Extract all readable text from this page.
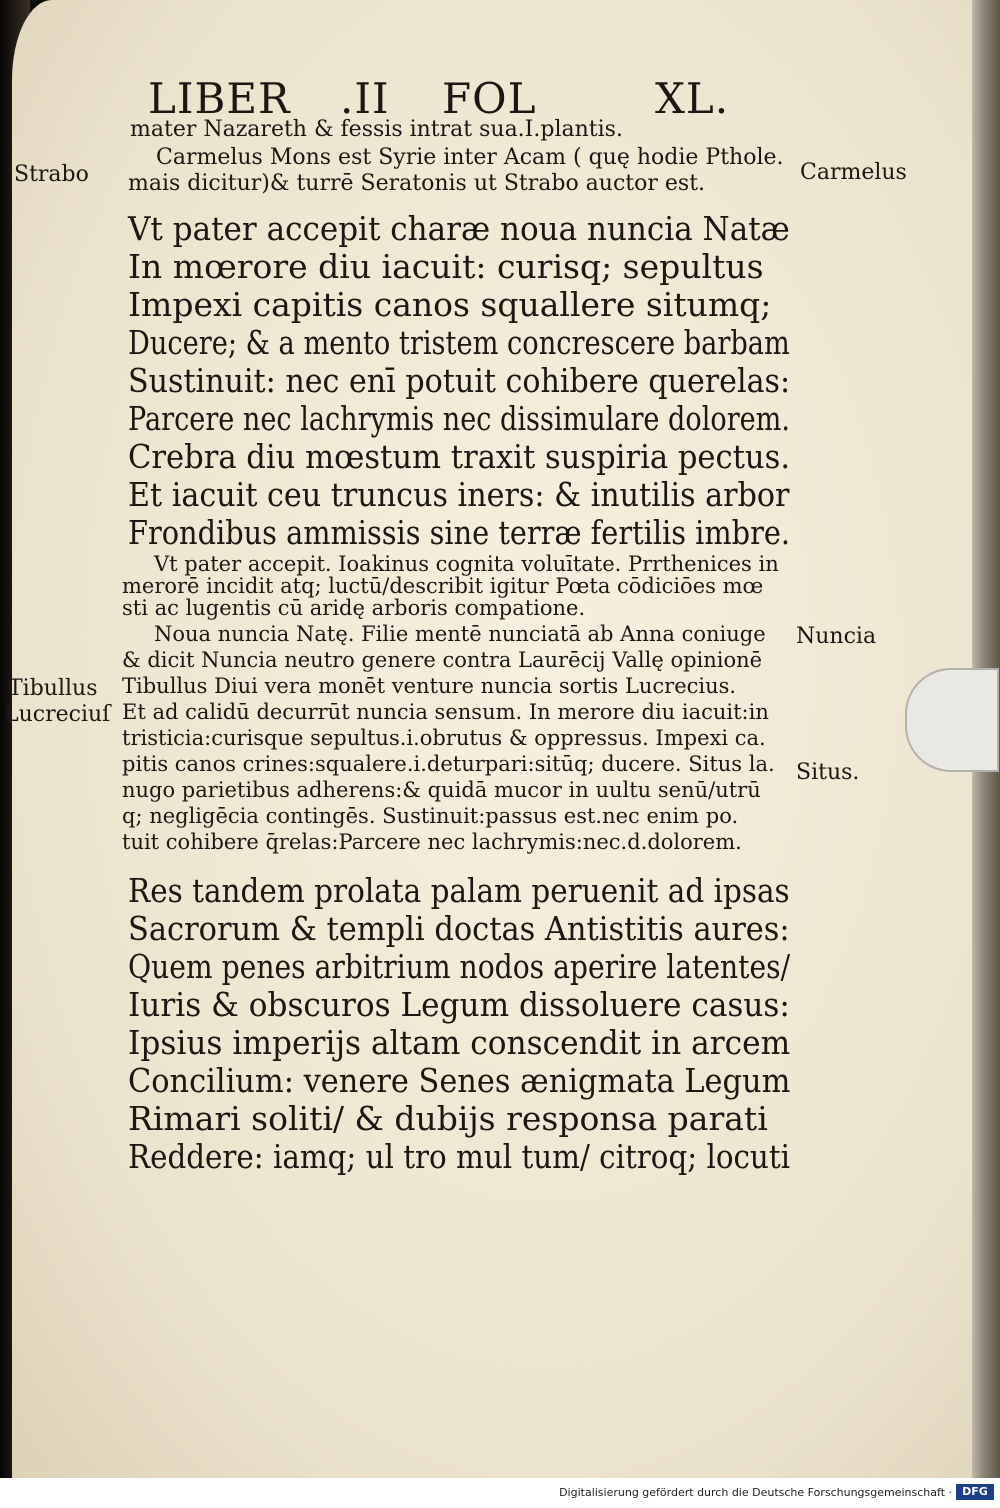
LIBER .II FOL	XL.
mater Nazareth & fessis intrat sua.I.plantis.
Carmelus Mons est Syrie inter Acam ( quę hodie Pthole.
mais dicitur)& turrē Seratonis ut Strabo auctor est.
Strabo	Carmelus
Nuncia
Tibullus
Lucreciuſ
Situs.
Vt pater accepit charæ noua nuncia Natæ
In mœrore diu iacuit: curisq; sepultus
Impexi capitis canos squallere situmq;
Ducere; & a mento tristem concrescere barbam
Sustinuit: nec enī potuit cohibere querelas:
Parcere nec lachrymis nec dissimulare dolorem.
Crebra diu mœstum traxit suspiria pectus.
Et iacuit ceu truncus iners: & inutilis arbor
Frondibus ammissis sine terræ fertilis imbre.
Vt pater accepit. Ioakinus cognita voluītate. Prrthenices in
merorē incidit atq; luctū/describit igitur Pœta cōdiciōes mœ
sti ac lugentis cū aridę arboris compatione.
Noua nuncia Natę. Filie mentē nunciatā ab Anna coniuge
& dicit Nuncia neutro genere contra Laurēcij Vallę opinionē
Tibullus Diui vera monēt venture nuncia sortis Lucrecius.
Et ad calidū decurrūt nuncia sensum. In merore diu iacuit:in
tristicia:curisque sepultus.i.obrutus & oppressus. Impexi ca.
pitis canos crines:squalere.i.deturpari:sitūq; ducere. Situs la.
nugo parietibus adherens:& quidā mucor in uultu senū/utrū
q; negligēcia contingēs. Sustinuit:passus est.nec enim po.
tuit cohibere q̄relas:Parcere nec lachrymis:nec.d.dolorem.
Res tandem prolata palam peruenit ad ipsas
Sacrorum & templi doctas Antistitis aures:
Quem penes arbitrium nodos aperire latentes/
Iuris & obscuros Legum dissoluere casus:
Ipsius imperijs altam conscendit in arcem
Concilium: venere Senes ænigmata Legum
Rimari soliti/ & dubijs responsa parati
Reddere: iamq; ul tro mul tum/ citroq; locuti
Digitalisierung gefördert durch die Deutsche Forschungsgemeinschaft · DFG
